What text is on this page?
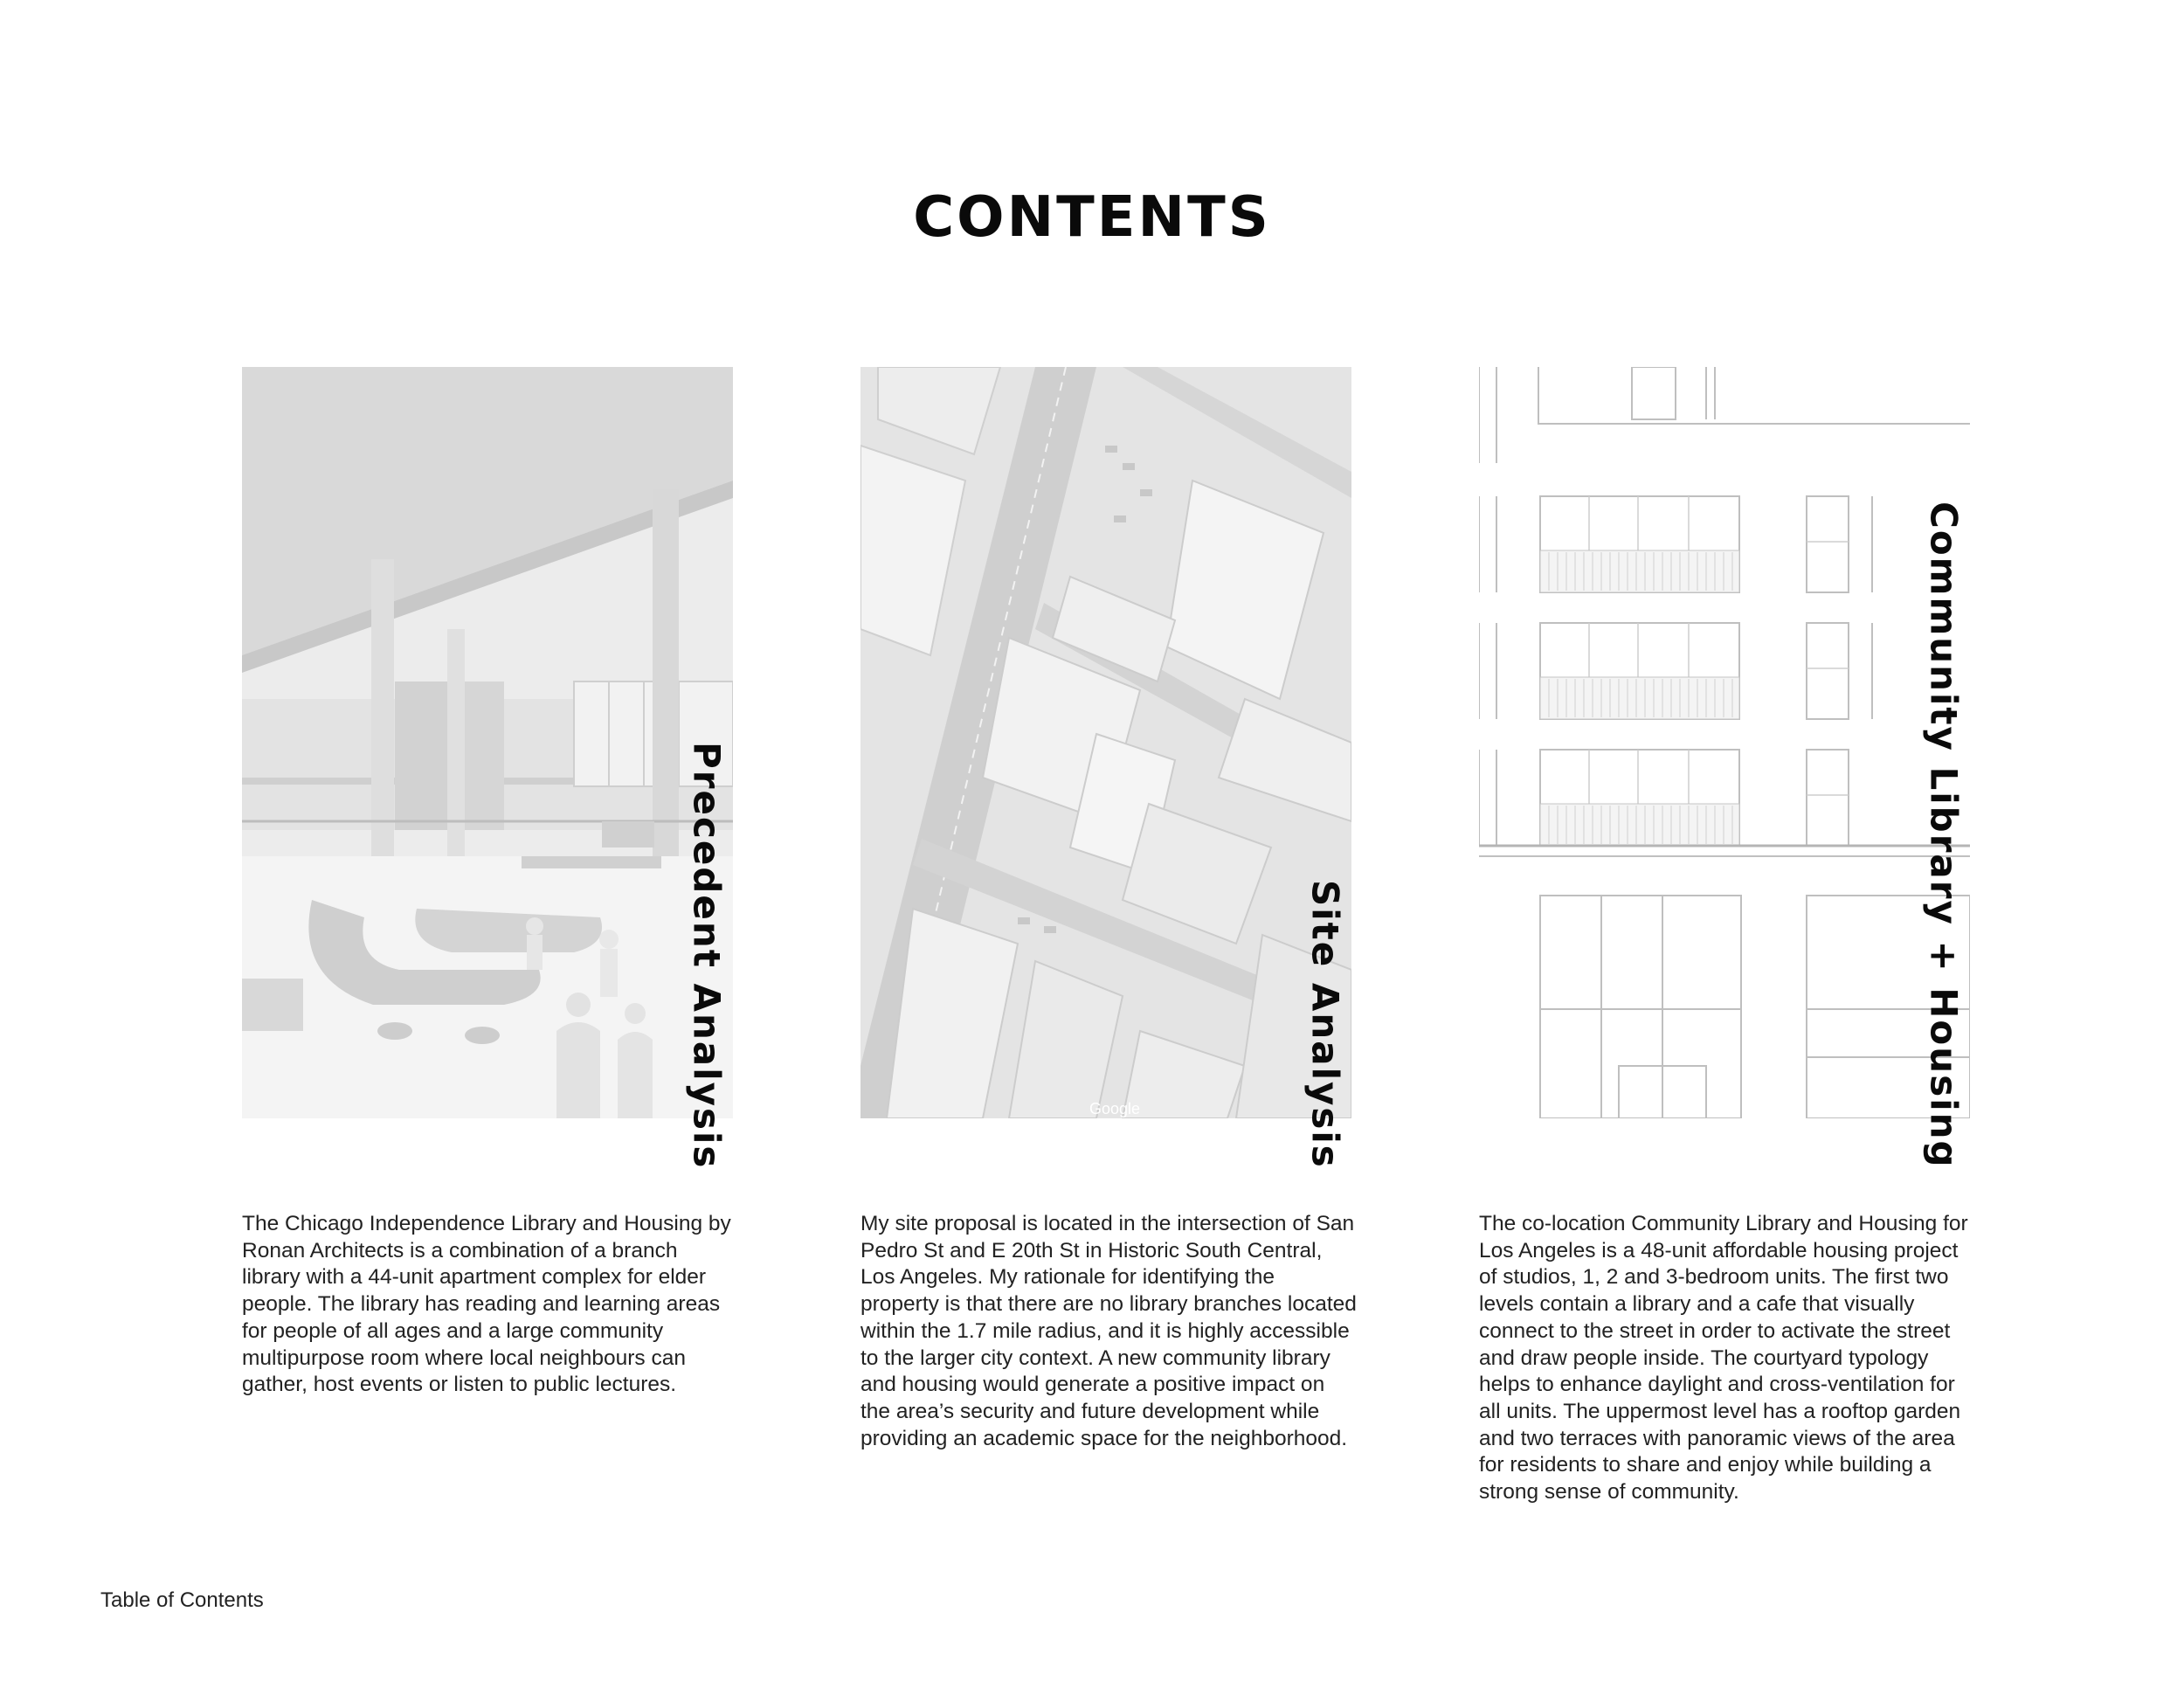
CONTENTS
Precedent Analysis

The Chicago Independence Library and Housing by Ronan Architects is a combination of a branch library with a 44-unit apartment complex for elder people. The library has reading and learning areas for people of all ages and a large community multipurpose room where local neighbours can gather, host events or listen to public lectures.

Google	Site Analysis

My site proposal is located in the intersection of San Pedro St and E 20th St in Historic South Central, Los Angeles. My rationale for identifying the property is that there are no library branches located within the 1.7 mile radius, and it is highly accessible to the larger city context. A new community library and housing would generate a positive impact on the area’s security and future development while providing an academic space for the neighborhood.

Community Library + Housing

The co-location Community Library and Housing for Los Angeles is a 48-unit affordable housing project of studios, 1, 2 and 3-bedroom units. The first two levels contain a library and a cafe that visually connect to the street in order to activate the street and draw people inside. The courtyard typology helps to enhance daylight and cross-ventilation for all units. The uppermost level has a rooftop garden and two terraces with panoramic views of the area for residents to share and enjoy while building a strong sense of community.

Table of Contents
